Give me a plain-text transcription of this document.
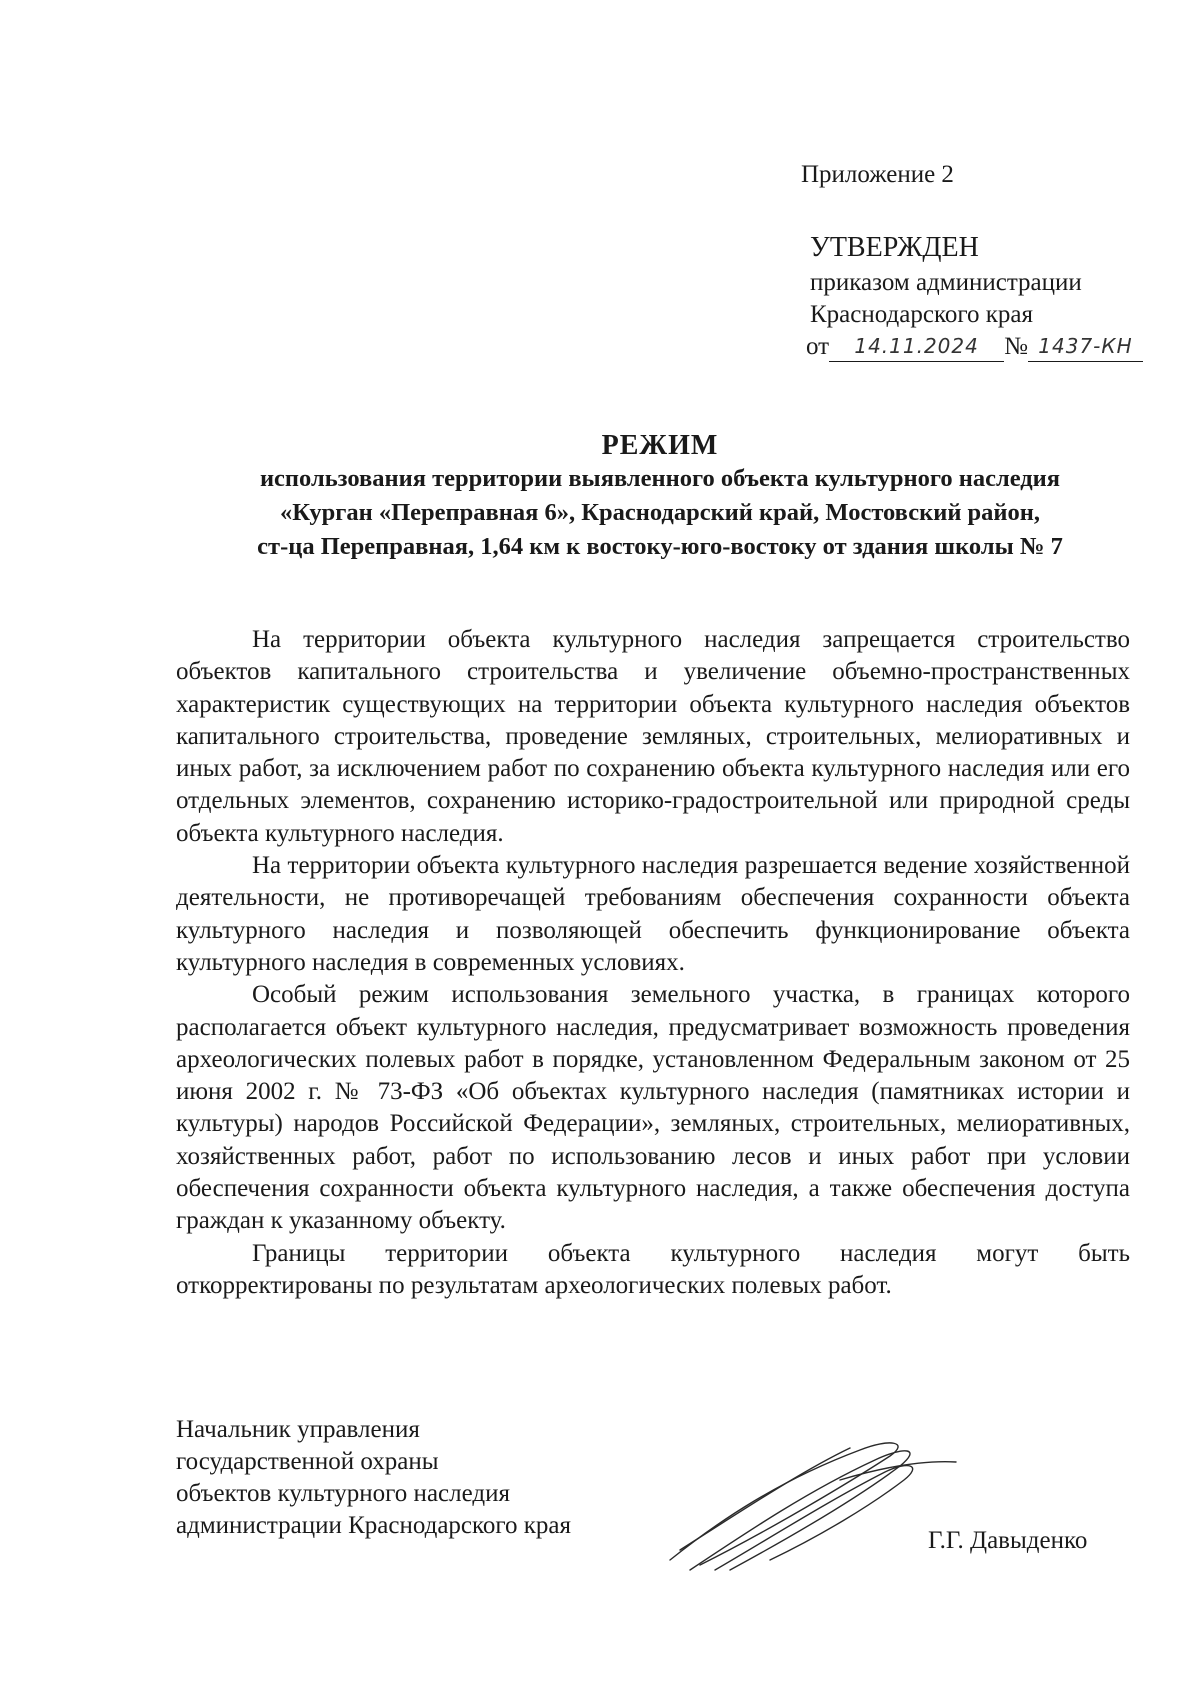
Приложение 2
УТВЕРЖДЕН
приказом администрации
Краснодарского края
от 14.11.2024 № 1437-КН
РЕЖИМ
использования территории выявленного объекта культурного наследия
«Курган «Переправная 6», Краснодарский край, Мостовский район,
ст-ца Переправная, 1,64 км к востоку-юго-востоку от здания школы № 7

На территории объекта культурного наследия запрещается строительство объектов капитального строительства и увеличение объемно-пространственных характеристик существующих на территории объекта культурного наследия объектов капитального строительства, проведение земляных, строительных, мелиоративных и иных работ, за исключением работ по сохранению объекта культурного наследия или его отдельных элементов, сохранению историко-градостроительной или природной среды объекта культурного наследия.

На территории объекта культурного наследия разрешается ведение хозяйственной деятельности, не противоречащей требованиям обеспечения сохранности объекта культурного наследия и позволяющей обеспечить функционирование объекта культурного наследия в современных условиях.

Особый режим использования земельного участка, в границах которого располагается объект культурного наследия, предусматривает возможность проведения археологических полевых работ в порядке, установленном Федеральным законом от 25 июня 2002 г. № 73-ФЗ «Об объектах культурного наследия (памятниках истории и культуры) народов Российской Федерации», земляных, строительных, мелиоративных, хозяйственных работ, работ по использованию лесов и иных работ при условии обеспечения сохранности объекта культурного наследия, а также обеспечения доступа граждан к указанному объекту.

Границы территории объекта культурного наследия могут быть откорректированы по результатам археологических полевых работ.

Начальник управления
государственной охраны
объектов культурного наследия
администрации Краснодарского края
Г.Г. Давыденко
